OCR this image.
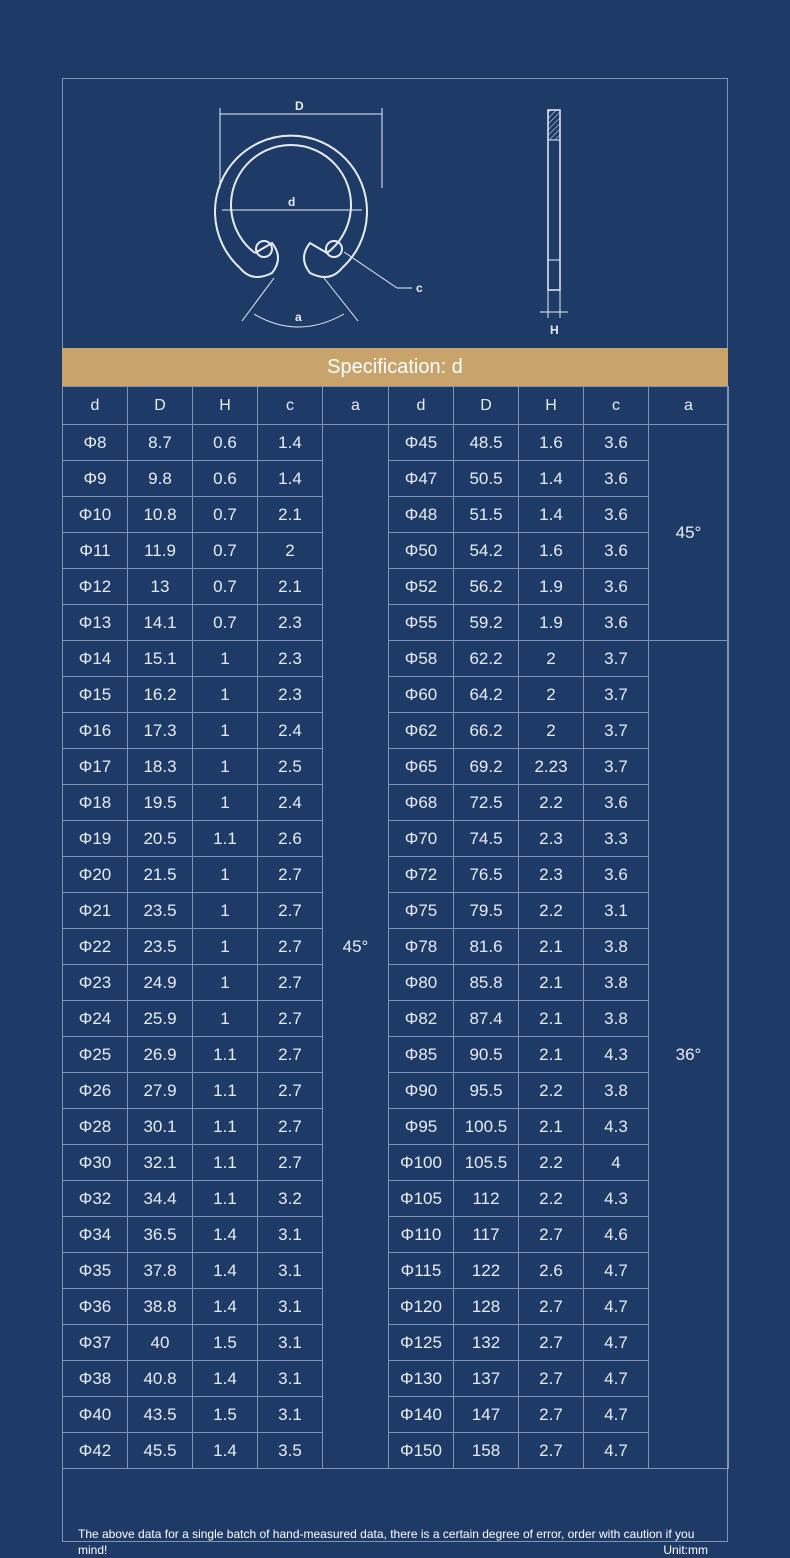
D
d
c
a
H
Specification: d
d	D	H	c	a	d	D	H	c	a
Φ8	8.7	0.6	1.4	45°	Φ45	48.5	1.6	3.6	45°
Φ9	9.8	0.6	1.4		Φ47	50.5	1.4	3.6	
Φ10	10.8	0.7	2.1		Φ48	51.5	1.4	3.6	
Φ11	11.9	0.7	2		Φ50	54.2	1.6	3.6	
Φ12	13	0.7	2.1		Φ52	56.2	1.9	3.6	
Φ13	14.1	0.7	2.3		Φ55	59.2	1.9	3.6	
Φ14	15.1	1	2.3		Φ58	62.2	2	3.7	36°
Φ15	16.2	1	2.3		Φ60	64.2	2	3.7	
Φ16	17.3	1	2.4		Φ62	66.2	2	3.7	
Φ17	18.3	1	2.5		Φ65	69.2	2.23	3.7	
Φ18	19.5	1	2.4		Φ68	72.5	2.2	3.6	
Φ19	20.5	1.1	2.6		Φ70	74.5	2.3	3.3	
Φ20	21.5	1	2.7		Φ72	76.5	2.3	3.6	
Φ21	23.5	1	2.7		Φ75	79.5	2.2	3.1	
Φ22	23.5	1	2.7		Φ78	81.6	2.1	3.8	
Φ23	24.9	1	2.7		Φ80	85.8	2.1	3.8	
Φ24	25.9	1	2.7		Φ82	87.4	2.1	3.8	
Φ25	26.9	1.1	2.7		Φ85	90.5	2.1	4.3	
Φ26	27.9	1.1	2.7		Φ90	95.5	2.2	3.8	
Φ28	30.1	1.1	2.7		Φ95	100.5	2.1	4.3	
Φ30	32.1	1.1	2.7		Φ100	105.5	2.2	4	
Φ32	34.4	1.1	3.2		Φ105	112	2.2	4.3	
Φ34	36.5	1.4	3.1		Φ110	117	2.7	4.6	
Φ35	37.8	1.4	3.1		Φ115	122	2.6	4.7	
Φ36	38.8	1.4	3.1		Φ120	128	2.7	4.7	
Φ37	40	1.5	3.1		Φ125	132	2.7	4.7	
Φ38	40.8	1.4	3.1		Φ130	137	2.7	4.7	
Φ40	43.5	1.5	3.1		Φ140	147	2.7	4.7	
Φ42	45.5	1.4	3.5		Φ150	158	2.7	4.7	
The above data for a single batch of hand-measured data, there is a certain degree of error, order with caution if you mind!	Unit:mm
